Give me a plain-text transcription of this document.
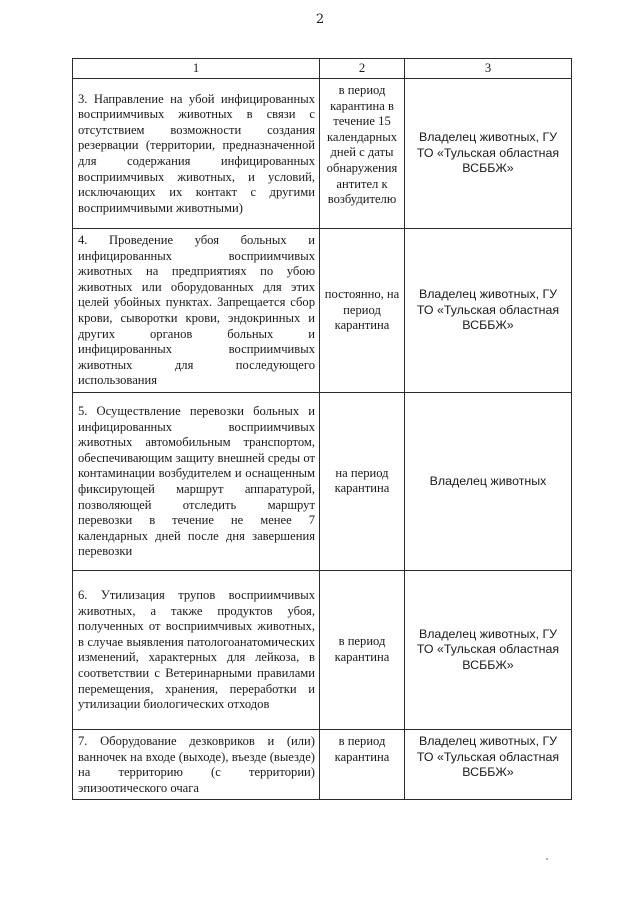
2
1	2	3
3. Направление на убой инфицированных восприимчивых животных в связи с отсутствием возможности создания резервации (территории, предназначенной для содержания инфицированных восприимчивых животных, и условий, исключающих их контакт с другими восприимчивыми животными)	в период карантина в течение 15 календарных дней с даты обнаружения антител к возбудителю	Владелец животных, ГУ ТО «Тульская областная ВСББЖ»
4. Проведение убоя больных и инфицированных восприимчивых животных на предприятиях по убою животных или оборудованных для этих целей убойных пунктах. Запрещается сбор крови, сыворотки крови, эндокринных и других органов больных и инфицированных восприимчивых животных для последующего использования	постоянно, на период карантина	Владелец животных, ГУ ТО «Тульская областная ВСББЖ»
5. Осуществление перевозки больных и инфицированных восприимчивых животных автомобильным транспортом, обеспечивающим защиту внешней среды от контаминации возбудителем и оснащенным фиксирующей маршрут аппаратурой, позволяющей отследить маршрут перевозки в течение не менее 7 календарных дней после дня завершения перевозки	на период карантина	Владелец животных
6. Утилизация трупов восприимчивых животных, а также продуктов убоя, полученных от восприимчивых животных, в случае выявления патологоанатомических изменений, характерных для лейкоза, в соответствии с Ветеринарными правилами перемещения, хранения, переработки и утилизации биологических отходов	в период карантина	Владелец животных, ГУ ТО «Тульская областная ВСББЖ»
7. Оборудование дезковриков и (или) ванночек на входе (выходе), въезде (выезде) на территорию (с территории) эпизоотического очага	в период карантина	Владелец животных, ГУ ТО «Тульская областная ВСББЖ»
